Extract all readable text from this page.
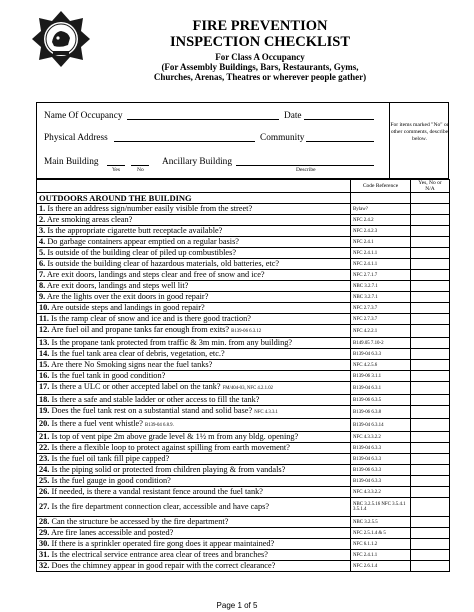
FIRE PREVENTION
INSPECTION CHECKLIST
For Class A Occupancy
(For Assembly Buildings, Bars, Restaurants, Gyms,
Churches, Arenas, Theatres or wherever people gather)
For items marked "No" or other comments, describe below.
Name Of Occupancy	Date
Physical Address	Community
Main Building
Yes	No
Ancillary Building
Describe
	Code Reference	Yes, No or N/A
OUTDOORS AROUND THE BUILDING		
1. Is there an address sign/number easily visible from the street?	Bylaw?	
2. Are smoking areas clean?	NFC 2.4.2	
3. Is the appropriate cigarette butt receptacle available?	NFC 2.4.2.3	
4. Do garbage containers appear emptied on a regular basis?	NFC 2.4.1	
5. Is outside of the building clear of piled up combustibles?	NFC 2.4.1.1	
6. Is outside the building clear of hazardous materials, old batteries, etc?	NFC 2.4.1.1	
7. Are exit doors, landings and steps clear and free of snow and ice?	NFC 2.7.1.7	
8. Are exit doors, landings and steps well lit?	NBC 3.2.7.1	
9. Are the lights over the exit doors in good repair?	NBC 3.2.7.1	
10. Are outside steps and landings in good repair?	NFC 2.7.3.7	
11. Is the ramp clear of snow and ice and is there good traction?	NFC 2.7.3.7	
12. Are fuel oil and propane tanks far enough from exits? B139-06 6.3.12	NFC 4.2.2.1	
13. Is the propane tank protected from traffic & 3m min. from any building?	B149.05 7.10-2	
14. Is the fuel tank area clear of debris, vegetation, etc.?	B139-04 6.3.3	
15. Are there No Smoking signs near the fuel tanks?	NFC 4.2.5.6	
16. Is the fuel tank in good condition?	B139-06 3.1.1	
17. Is there a ULC or other accepted label on the tank? FM/404-03, NFC 4.2.1.02	B139-04 6.3.1	
18. Is there a safe and stable ladder or other access to fill the tank?	B139-06 6.3.5	
19. Does the fuel tank rest on a substantial stand and solid base? NFC 4.3.3.1	B139-06 6.3.8	
20. Is there a fuel vent whistle? B139-04 6.8.9.	B139-04 6.3.14	
21. Is top of vent pipe 2m above grade level & 1½ m from any bldg. opening?	NFC 4.3.3.2.2	
22. Is there a flexible loop to protect against spilling from earth movement?	B139-04 6.3.3	
23. Is the fuel oil tank fill pipe capped?	B139-04 6.3.3	
24. Is the piping solid or protected from children playing & from vandals?	B139-06 6.3.3	
25. Is the fuel gauge in good condition?	B139-04 6.3.3	
26. If needed, is there a vandal resistant fence around the fuel tank?	NFC 4.3.3.2.2	
27. Is the fire department connection clear, accessible and have caps?	NBC 3.2.5.16 NFC 3.5.4.1 3.5.1.4	
28. Can the structure be accessed by the fire department?	NBC 3.2.5.5	
29. Are fire lanes accessible and posted?	NFC 2.5.1.4 & 5	
30. If there is a sprinkler operated fire gong does it appear maintained?	NFC 6.1.1.2	
31. Is the electrical service entrance area clear of trees and branches?	NFC 2.4.1.1	
32. Does the chimney appear in good repair with the correct clearance?	NFC 2.6.1.4	
Page 1 of 5
